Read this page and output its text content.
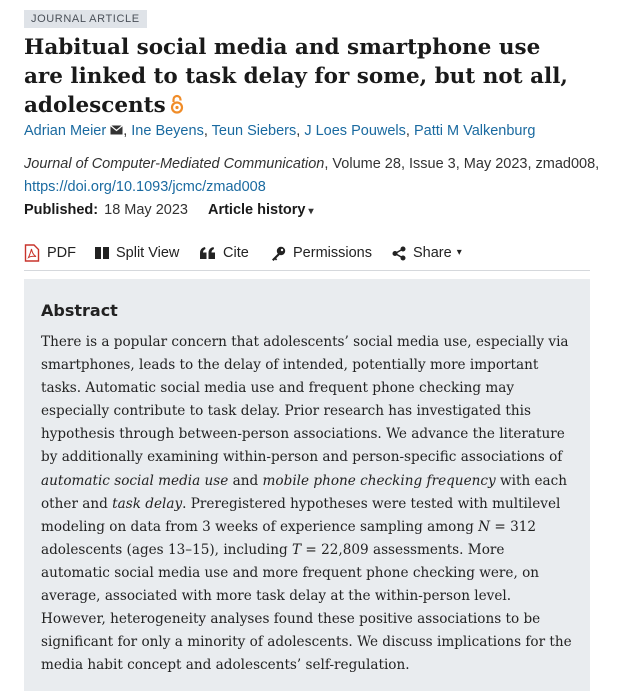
JOURNAL ARTICLE
Habitual social media and smartphone use are linked to task delay for some, but not all, adolescents
Adrian Meier , Ine Beyens, Teun Siebers, J Loes Pouwels, Patti M Valkenburg
Journal of Computer-Mediated Communication, Volume 28, Issue 3, May 2023, zmad008,
https://doi.org/10.1093/jcmc/zmad008
Published: 18 May 2023 Article history ▾
PDF	Split View	Cite	Permissions	Share ▾
Abstract

There is a popular concern that adolescents’ social media use, especially via smartphones, leads to the delay of intended, potentially more important tasks. Automatic social media use and frequent phone checking may especially contribute to task delay. Prior research has investigated this hypothesis through between-person associations. We advance the literature by additionally examining within-person and person-specific associations of automatic social media use and mobile phone checking frequency with each other and task delay. Preregistered hypotheses were tested with multilevel modeling on data from 3 weeks of experience sampling among N = 312 adolescents (ages 13–15), including T = 22,809 assessments. More automatic social media use and more frequent phone checking were, on average, associated with more task delay at the within-person level. However, heterogeneity analyses found these positive associations to be significant for only a minority of adolescents. We discuss implications for the media habit concept and adolescents’ self-regulation.
